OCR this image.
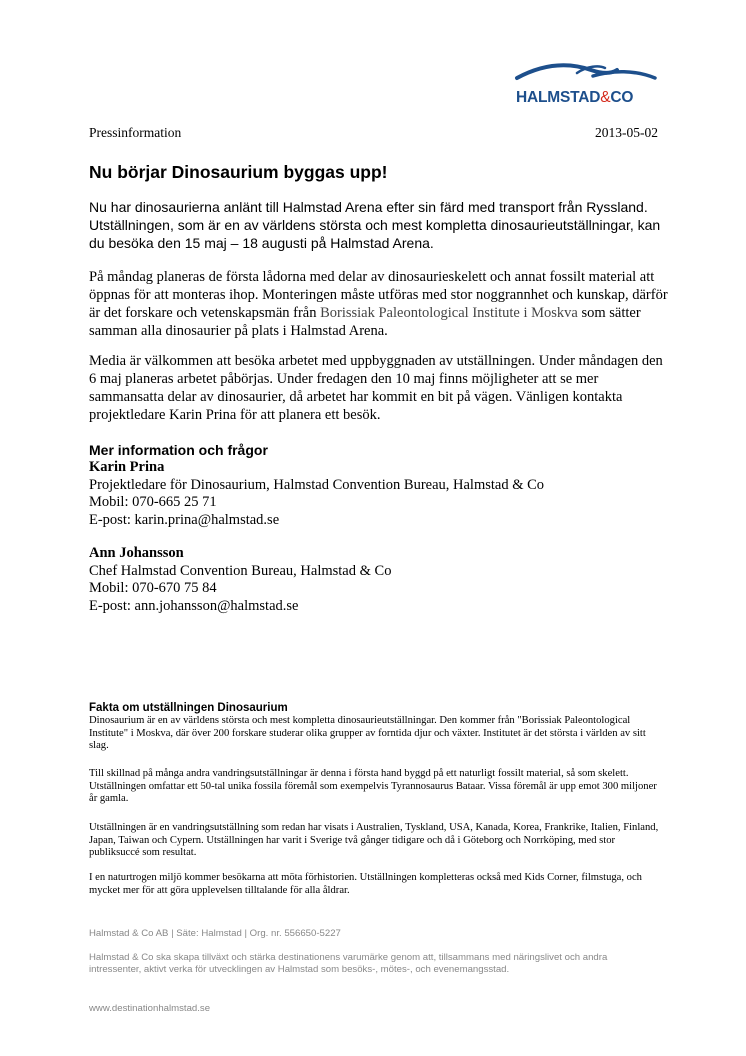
HALMSTAD&CO
Pressinformation	2013-05-02
Nu börjar Dinosaurium byggas upp!

Nu har dinosaurierna anlänt till Halmstad Arena efter sin färd med transport från Ryssland. Utställningen, som är en av världens största och mest kompletta dinosaurieutställningar, kan du besöka den 15 maj – 18 augusti på Halmstad Arena.

På måndag planeras de första lådorna med delar av dinosaurieskelett och annat fossilt material att öppnas för att monteras ihop. Monteringen måste utföras med stor noggrannhet och kunskap, därför är det forskare och vetenskapsmän från Borissiak Paleontological Institute i Moskva som sätter samman alla dinosaurier på plats i Halmstad Arena.

Media är välkommen att besöka arbetet med uppbyggnaden av utställningen. Under måndagen den 6 maj planeras arbetet påbörjas. Under fredagen den 10 maj finns möjligheter att se mer sammansatta delar av dinosaurier, då arbetet har kommit en bit på vägen. Vänligen kontakta projektledare Karin Prina för att planera ett besök.

Mer information och frågor
Karin Prina
Projektledare för Dinosaurium, Halmstad Convention Bureau, Halmstad & Co
Mobil: 070-665 25 71
E-post: karin.prina@halmstad.se
Ann Johansson
Chef Halmstad Convention Bureau, Halmstad & Co
Mobil: 070-670 75 84
E-post: ann.johansson@halmstad.se
Fakta om utställningen Dinosaurium

Dinosaurium är en av världens största och mest kompletta dinosaurieutställningar. Den kommer från "Borissiak Paleontological Institute" i Moskva, där över 200 forskare studerar olika grupper av forntida djur och växter. Institutet är det största i världen av sitt slag.

Till skillnad på många andra vandringsutställningar är denna i första hand byggd på ett naturligt fossilt material, så som skelett. Utställningen omfattar ett 50-tal unika fossila föremål som exempelvis Tyrannosaurus Bataar. Vissa föremål är upp emot 300 miljoner år gamla.

Utställningen är en vandringsutställning som redan har visats i Australien, Tyskland, USA, Kanada, Korea, Frankrike, Italien, Finland, Japan, Taiwan och Cypern. Utställningen har varit i Sverige två gånger tidigare och då i Göteborg och Norrköping, med stor publiksuccé som resultat.

I en naturtrogen miljö kommer besökarna att möta förhistorien. Utställningen kompletteras också med Kids Corner, filmstuga, och mycket mer för att göra upplevelsen tilltalande för alla åldrar.

Halmstad & Co AB | Säte: Halmstad | Org. nr. 556650-5227

Halmstad & Co ska skapa tillväxt och stärka destinationens varumärke genom att, tillsammans med näringslivet och andra intressenter, aktivt verka för utvecklingen av Halmstad som besöks-, mötes-, och evenemangsstad.

www.destinationhalmstad.se
